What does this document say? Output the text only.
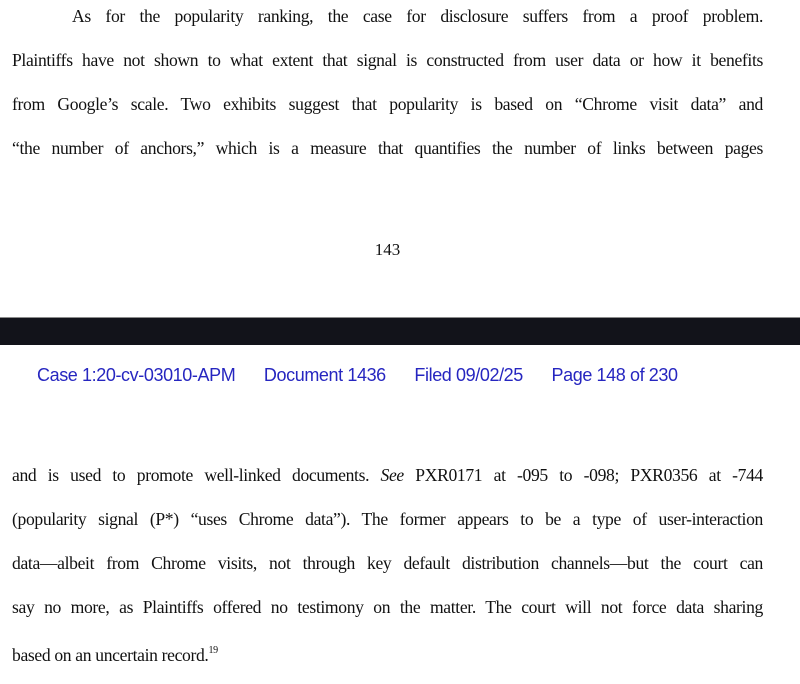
As for the popularity ranking, the case for disclosure suffers from a proof problem.
Plaintiffs have not shown to what extent that signal is constructed from user data or how it benefits
from Google’s scale. Two exhibits suggest that popularity is based on “Chrome visit data” and
“the number of anchors,” which is a measure that quantifies the number of links between pages
143
Case 1:20-cv-03010-APM Document 1436 Filed 09/02/25 Page 148 of 230
and is used to promote well-linked documents. See PXR0171 at -095 to -098; PXR0356 at -744
(popularity signal (P*) “uses Chrome data”). The former appears to be a type of user-interaction
data—albeit from Chrome visits, not through key default distribution channels—but the court can
say no more, as Plaintiffs offered no testimony on the matter. The court will not force data sharing
based on an uncertain record.$^{19}$
